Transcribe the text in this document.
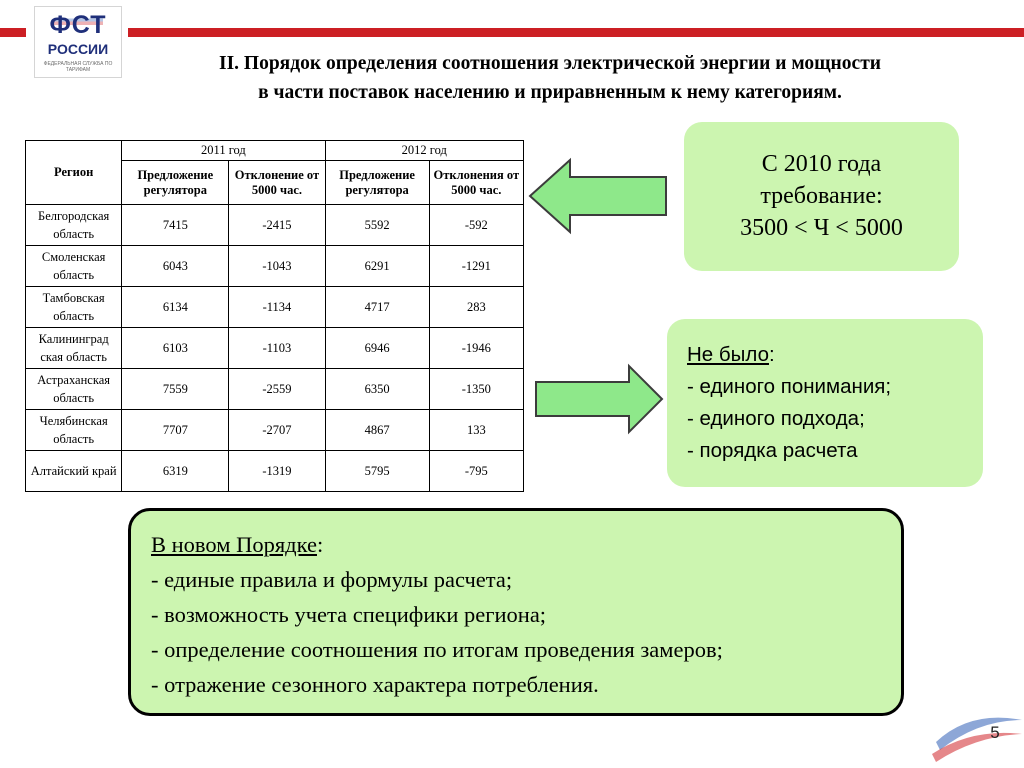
ФСТ
РОССИИ
ФЕДЕРАЛЬНАЯ СЛУЖБА ПО ТАРИФАМ	II. Порядок определения соотношения электрической энергии и мощности
в части поставок населению и приравненным к нему категориям.
Регион	2011 год		2012 год	
	Предложение регулятора	Отклонение от 5000 час.	Предложение регулятора	Отклонения от 5000 час.
Белгородская область	7415	-2415	5592	-592
Смоленская область	6043	-1043	6291	-1291
Тамбовская область	6134	-1134	4717	283
Калининград ская область	6103	-1103	6946	-1946
Астраханская область	7559	-2559	6350	-1350
Челябинская область	7707	-2707	4867	133
Алтайский край	6319	-1319	5795	-795
С 2010 года
требование:
3500 < Ч < 5000
Не было:
- единого понимания;
- единого подхода;
- порядка расчета
В новом Порядке:
- единые правила и формулы расчета;
- возможность учета специфики региона;
- определение соотношения по итогам проведения замеров;
- отражение сезонного характера потребления.
5
